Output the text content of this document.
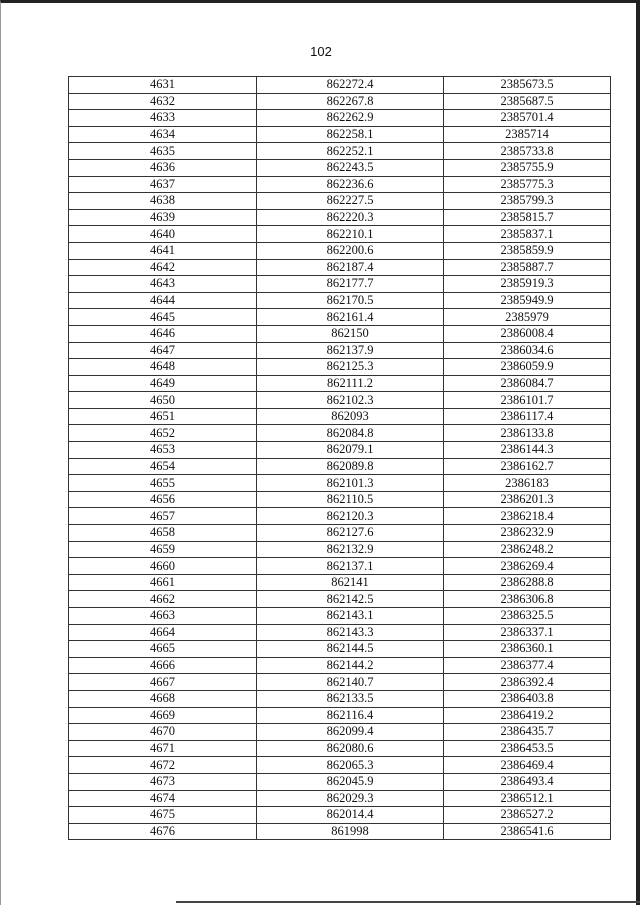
102
4631	862272.4	2385673.5
4632	862267.8	2385687.5
4633	862262.9	2385701.4
4634	862258.1	2385714
4635	862252.1	2385733.8
4636	862243.5	2385755.9
4637	862236.6	2385775.3
4638	862227.5	2385799.3
4639	862220.3	2385815.7
4640	862210.1	2385837.1
4641	862200.6	2385859.9
4642	862187.4	2385887.7
4643	862177.7	2385919.3
4644	862170.5	2385949.9
4645	862161.4	2385979
4646	862150	2386008.4
4647	862137.9	2386034.6
4648	862125.3	2386059.9
4649	862111.2	2386084.7
4650	862102.3	2386101.7
4651	862093	2386117.4
4652	862084.8	2386133.8
4653	862079.1	2386144.3
4654	862089.8	2386162.7
4655	862101.3	2386183
4656	862110.5	2386201.3
4657	862120.3	2386218.4
4658	862127.6	2386232.9
4659	862132.9	2386248.2
4660	862137.1	2386269.4
4661	862141	2386288.8
4662	862142.5	2386306.8
4663	862143.1	2386325.5
4664	862143.3	2386337.1
4665	862144.5	2386360.1
4666	862144.2	2386377.4
4667	862140.7	2386392.4
4668	862133.5	2386403.8
4669	862116.4	2386419.2
4670	862099.4	2386435.7
4671	862080.6	2386453.5
4672	862065.3	2386469.4
4673	862045.9	2386493.4
4674	862029.3	2386512.1
4675	862014.4	2386527.2
4676	861998	2386541.6
